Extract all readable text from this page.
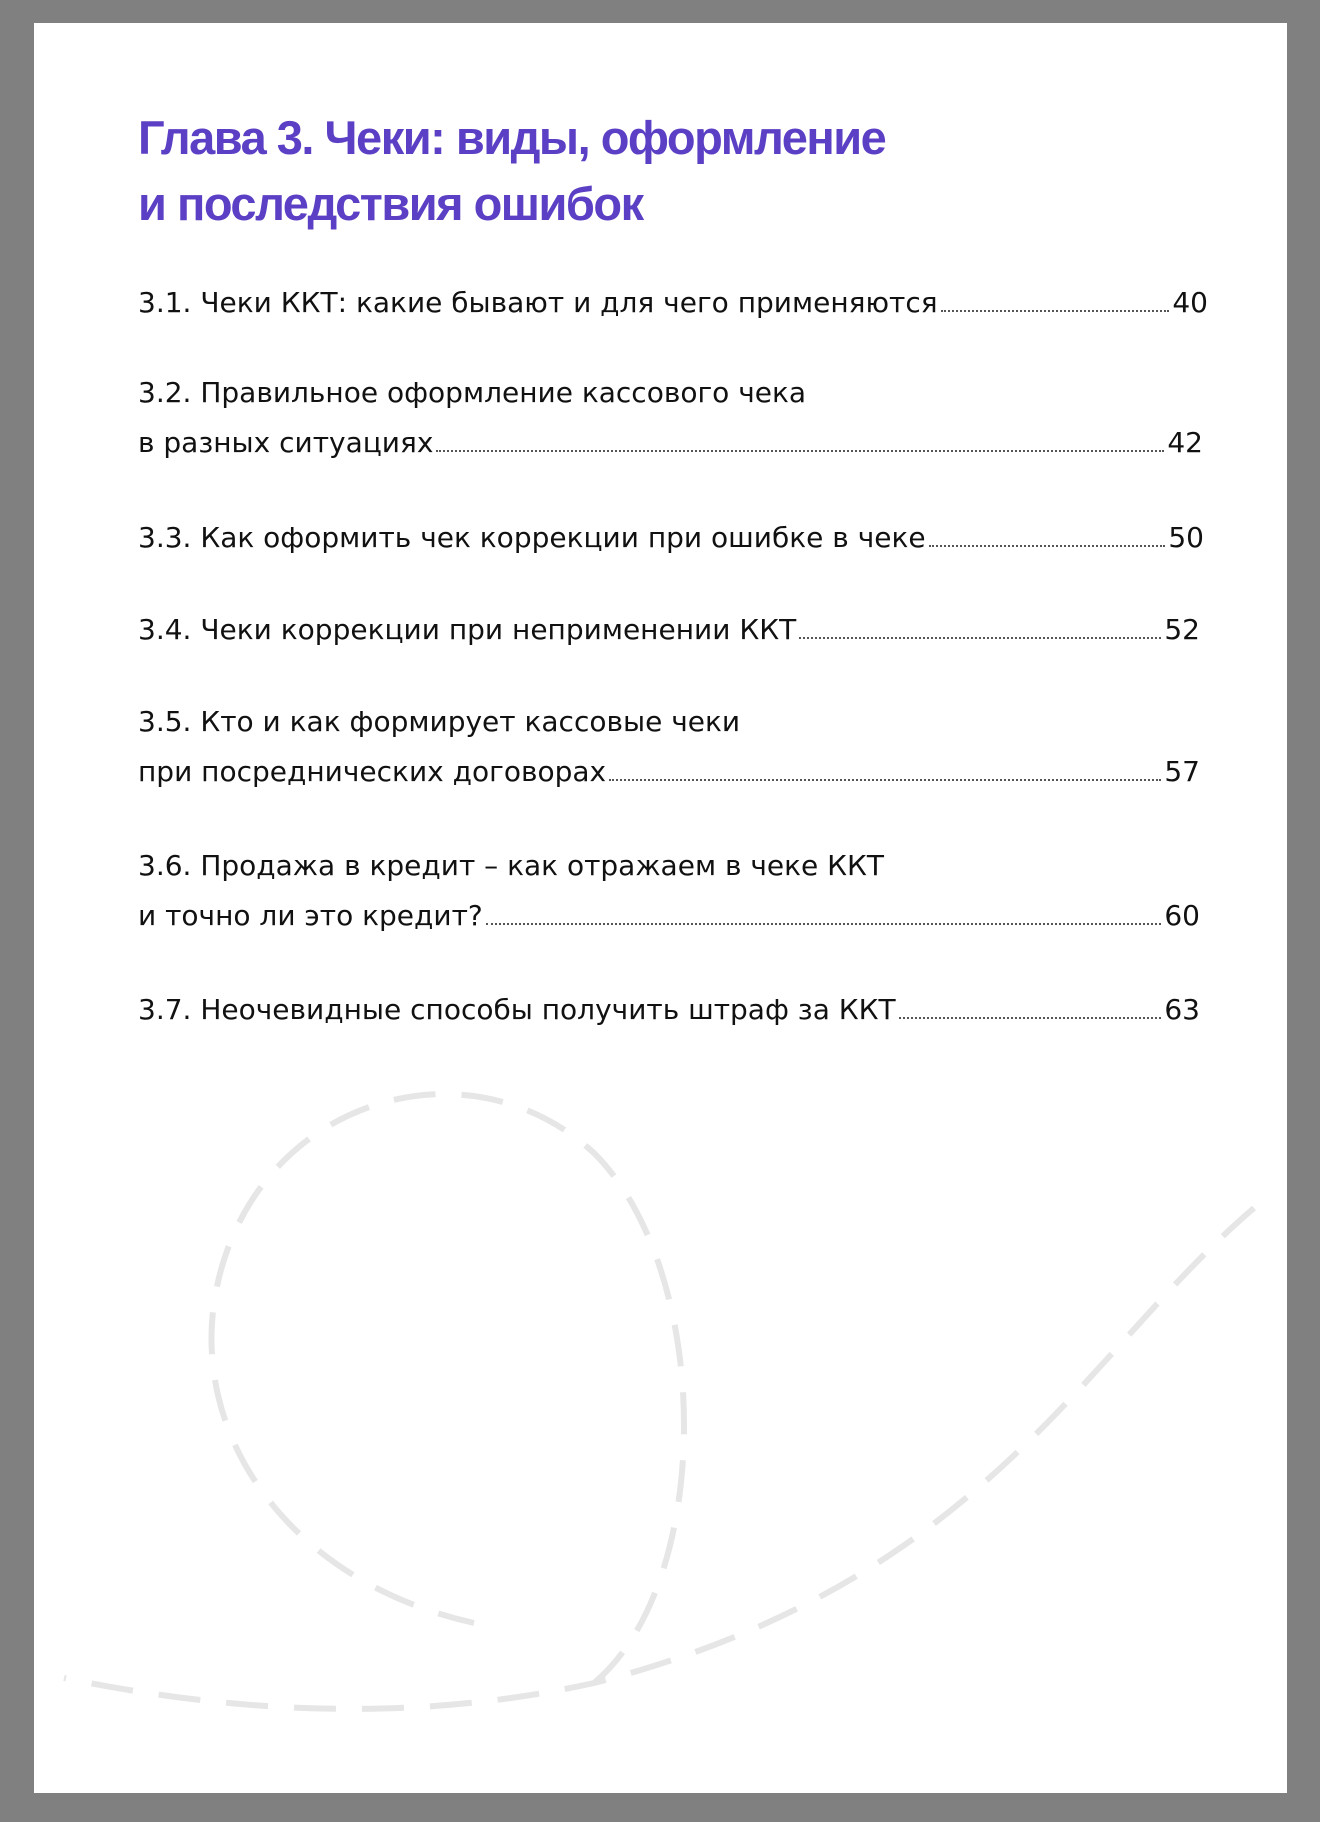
Глава 3. Чеки: виды, оформление
и последствия ошибок
3.1. Чеки ККТ: какие бывают и для чего применяются	40
3.2. Правильное оформление кассового чека
в разных ситуациях	42
3.3. Как оформить чек коррекции при ошибке в чеке	50
3.4. Чеки коррекции при неприменении ККТ	52
3.5. Кто и как формирует кассовые чеки
при посреднических договорах	57
3.6. Продажа в кредит – как отражаем в чеке ККТ
и точно ли это кредит?	60
3.7. Неочевидные способы получить штраф за ККТ	63
